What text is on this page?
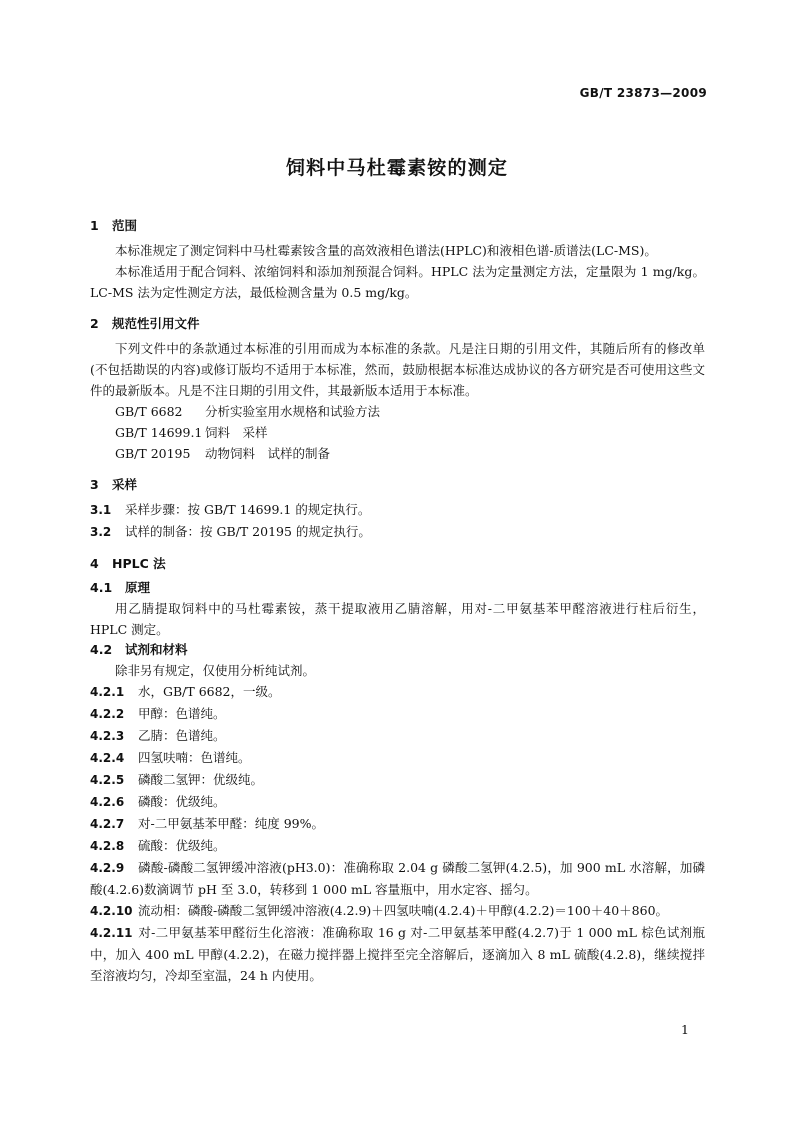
GB/T 23873—2009
饲料中马杜霉素铵的测定
1 范围
本标准规定了测定饲料中马杜霉素铵含量的高效液相色谱法(HPLC)和液相色谱-质谱法(LC-MS)。
本标准适用于配合饲料、浓缩饲料和添加剂预混合饲料。HPLC 法为定量测定方法，定量限为 1 mg/kg。LC-MS 法为定性测定方法，最低检测含量为 0.5 mg/kg。
2 规范性引用文件
下列文件中的条款通过本标准的引用而成为本标准的条款。凡是注日期的引用文件，其随后所有的修改单(不包括勘误的内容)或修订版均不适用于本标准，然而，鼓励根据本标准达成协议的各方研究是否可使用这些文件的最新版本。凡是不注日期的引用文件，其最新版本适用于本标准。
GB/T 6682 分析实验室用水规格和试验方法
GB/T 14699.1 饲料　采样
GB/T 20195 动物饲料　试样的制备
3 采样
3.1 采样步骤：按 GB/T 14699.1 的规定执行。
3.2 试样的制备：按 GB/T 20195 的规定执行。
4 HPLC 法
4.1 原理
用乙腈提取饲料中的马杜霉素铵，蒸干提取液用乙腈溶解，用对-二甲氨基苯甲醛溶液进行柱后衍生，HPLC 测定。
4.2 试剂和材料
除非另有规定，仅使用分析纯试剂。
4.2.1 水，GB/T 6682，一级。
4.2.2 甲醇：色谱纯。
4.2.3 乙腈：色谱纯。
4.2.4 四氢呋喃：色谱纯。
4.2.5 磷酸二氢钾：优级纯。
4.2.6 磷酸：优级纯。
4.2.7 对-二甲氨基苯甲醛：纯度 99%。
4.2.8 硫酸：优级纯。
4.2.9 磷酸-磷酸二氢钾缓冲溶液(pH3.0)：准确称取 2.04 g 磷酸二氢钾(4.2.5)，加 900 mL 水溶解，加磷酸(4.2.6)数滴调节 pH 至 3.0，转移到 1 000 mL 容量瓶中，用水定容、摇匀。
4.2.10 流动相：磷酸-磷酸二氢钾缓冲溶液(4.2.9)＋四氢呋喃(4.2.4)＋甲醇(4.2.2)＝100＋40＋860。
4.2.11 对-二甲氨基苯甲醛衍生化溶液：准确称取 16 g 对-二甲氨基苯甲醛(4.2.7)于 1 000 mL 棕色试剂瓶中，加入 400 mL 甲醇(4.2.2)，在磁力搅拌器上搅拌至完全溶解后，逐滴加入 8 mL 硫酸(4.2.8)，继续搅拌至溶液均匀，冷却至室温，24 h 内使用。
1
